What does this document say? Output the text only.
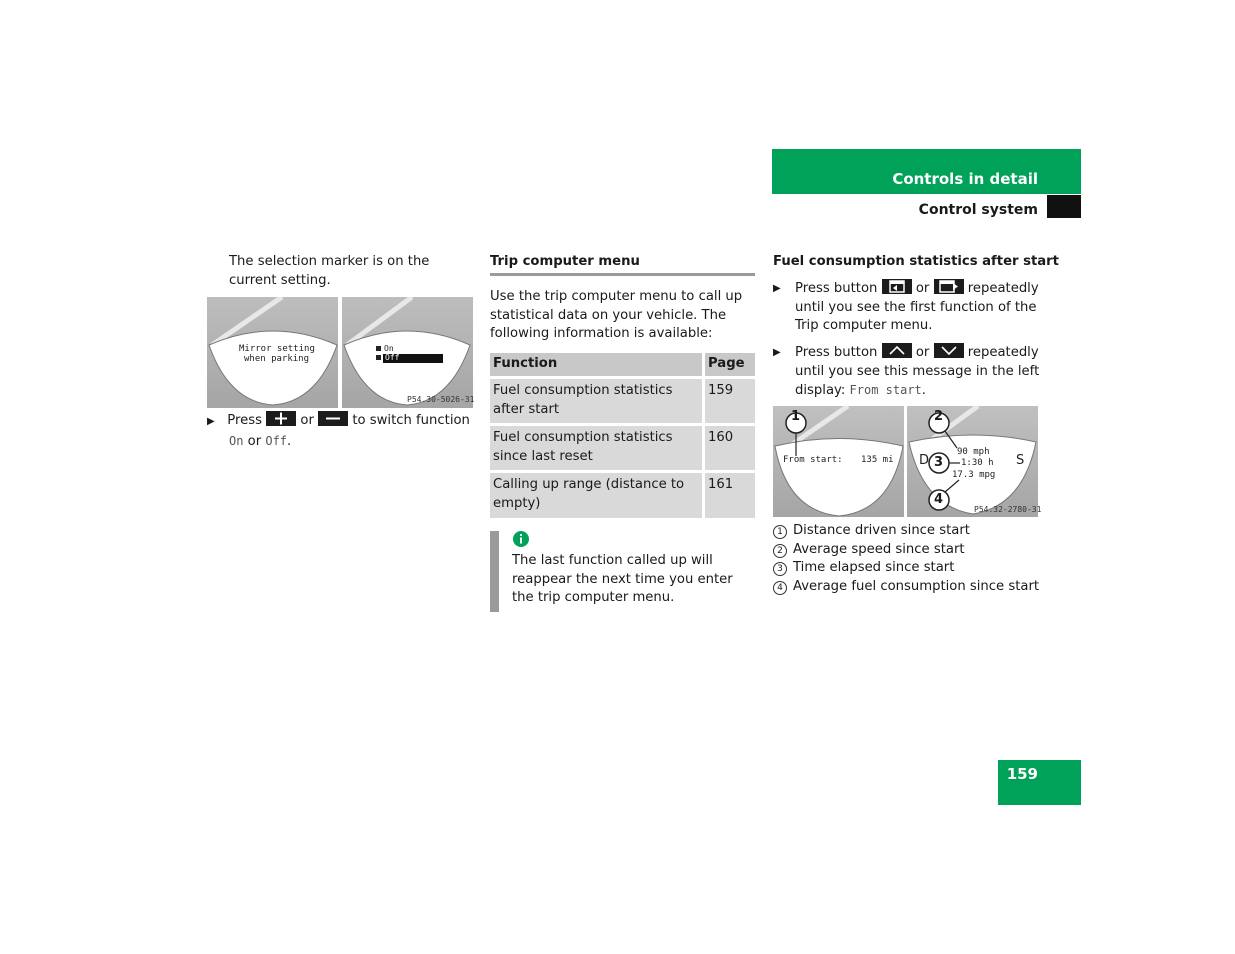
Controls in detail
Control system
The selection marker is on the current setting.
Mirror setting
when parking
On
Off
P54.30-5026-31
▶ Press	or	to switch function
On or Off.
Trip computer menu
Use the trip computer menu to call up statistical data on your vehicle. The following information is available:
Function	Page
Fuel consumption statistics after start	159
Fuel consumption statistics since last reset	160
Calling up range (distance to empty)	161
The last function called up will reappear the next time you enter the trip computer menu.
Fuel consumption statistics after start
▶	Press button	or	repeatedly until you see the first function of the Trip computer menu.
▶	Press button	or	repeatedly until you see this message in the left display: From start.
1	2
3
4
From start: 135 mi
90 mph
1:30 h
17.3 mpg
D	S
P54.32-2780-31
1 Distance driven since start
2 Average speed since start
3 Time elapsed since start
4 Average fuel consumption since start
159
